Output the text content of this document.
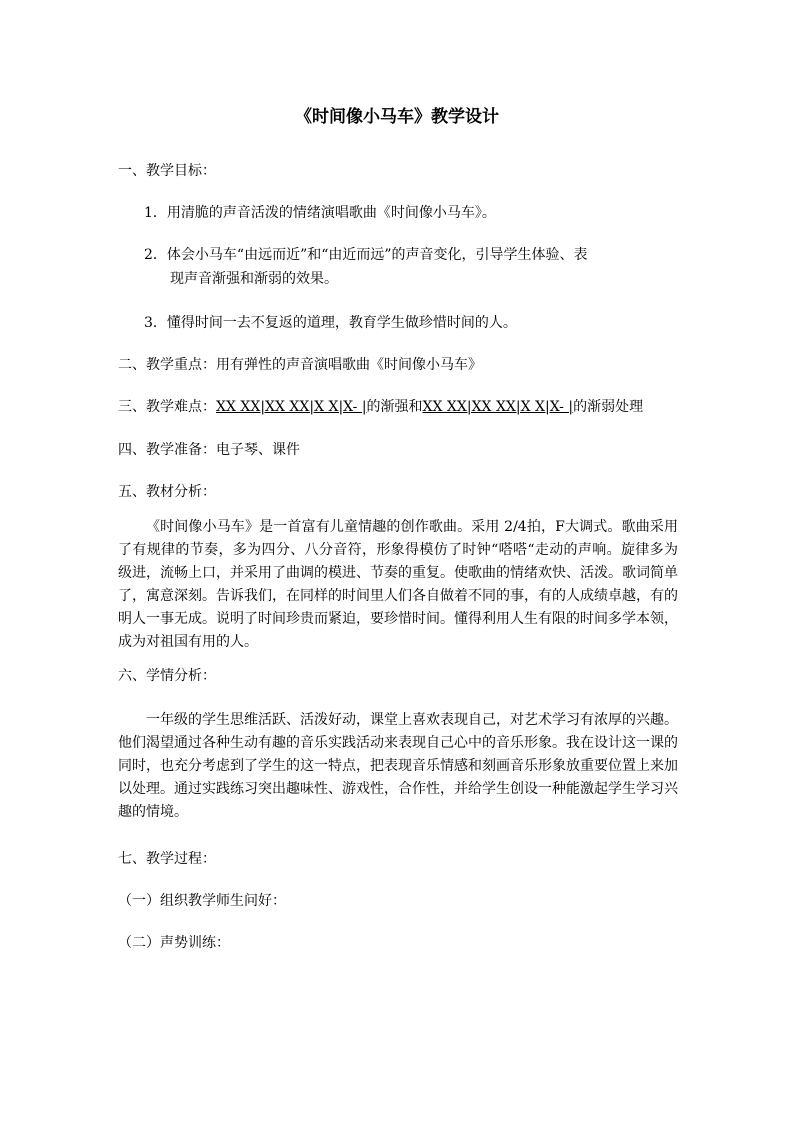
《时间像小马车》教学设计
一、教学目标：
1．用清脆的声音活泼的情绪演唱歌曲《时间像小马车》。
2．体会小马车“由远而近”和“由近而远”的声音变化，引导学生体验、表
现声音渐强和渐弱的效果。
3．懂得时间一去不复返的道理，教育学生做珍惜时间的人。
二、教学重点：用有弹性的声音演唱歌曲《时间像小马车》
三、教学难点：XX XX|XX XX|X X|X- |的渐强和XX XX|XX XX|X X|X- |的渐弱处理
四、教学准备：电子琴、课件
五、教材分析：
《时间像小马车》是一首富有儿童情趣的创作歌曲。采用 2/4拍，F大调式。歌曲采用了有规律的节奏，多为四分、八分音符，形象得模仿了时钟“嗒嗒“走动的声响。旋律多为级进，流畅上口，并采用了曲调的模进、节奏的重复。使歌曲的情绪欢快、活泼。歌词简单了，寓意深刻。告诉我们，在同样的时间里人们各自做着不同的事，有的人成绩卓越，有的明人一事无成。说明了时间珍贵而紧迫，要珍惜时间。懂得利用人生有限的时间多学本领，成为对祖国有用的人。
六、学情分析：
一年级的学生思维活跃、活泼好动，课堂上喜欢表现自己，对艺术学习有浓厚的兴趣。他们渴望通过各种生动有趣的音乐实践活动来表现自己心中的音乐形象。我在设计这一课的同时，也充分考虑到了学生的这一特点，把表现音乐情感和刻画音乐形象放重要位置上来加以处理。通过实践练习突出趣味性、游戏性，合作性，并给学生创设一种能激起学生学习兴趣的情境。
七、教学过程：
（一）组织教学师生问好：
（二）声势训练：
